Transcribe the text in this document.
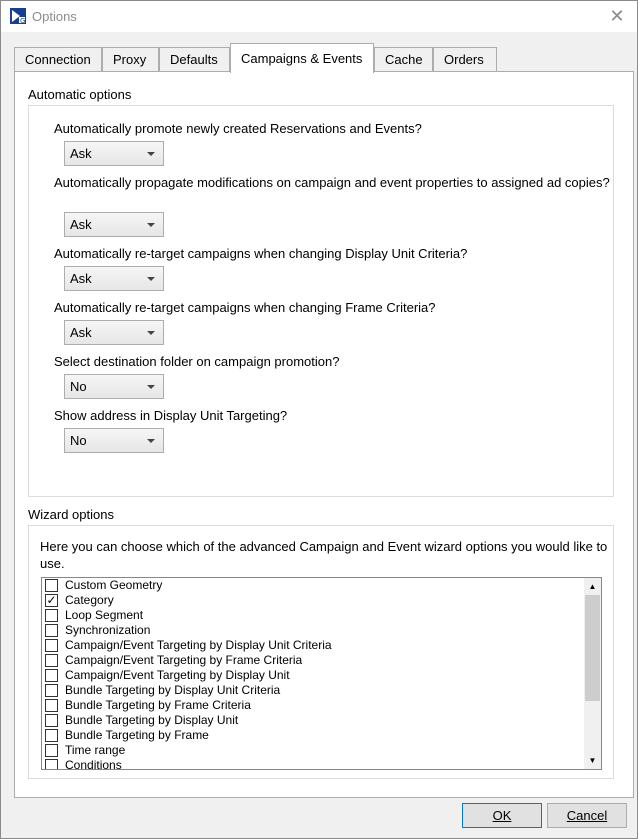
G Options	✕
Connection	Proxy	Defaults	Campaigns & Events	Cache	Orders
Automatic options
Automatically promote newly created Reservations and Events?
Ask
Automatically propagate modifications on campaign and event properties to assigned ad copies?
Ask
Automatically re-target campaigns when changing Display Unit Criteria?
Ask
Automatically re-target campaigns when changing Frame Criteria?
Ask
Select destination folder on campaign promotion?
No
Show address in Display Unit Targeting?
No
Wizard options
Here you can choose which of the advanced Campaign and Event wizard options you would like to use.
Custom Geometry
✓ Category
Loop Segment
Synchronization
Campaign/Event Targeting by Display Unit Criteria
Campaign/Event Targeting by Frame Criteria
Campaign/Event Targeting by Display Unit
Bundle Targeting by Display Unit Criteria
Bundle Targeting by Frame Criteria
Bundle Targeting by Display Unit
Bundle Targeting by Frame
Time range
Conditions
▲
▼
OK	Cancel
